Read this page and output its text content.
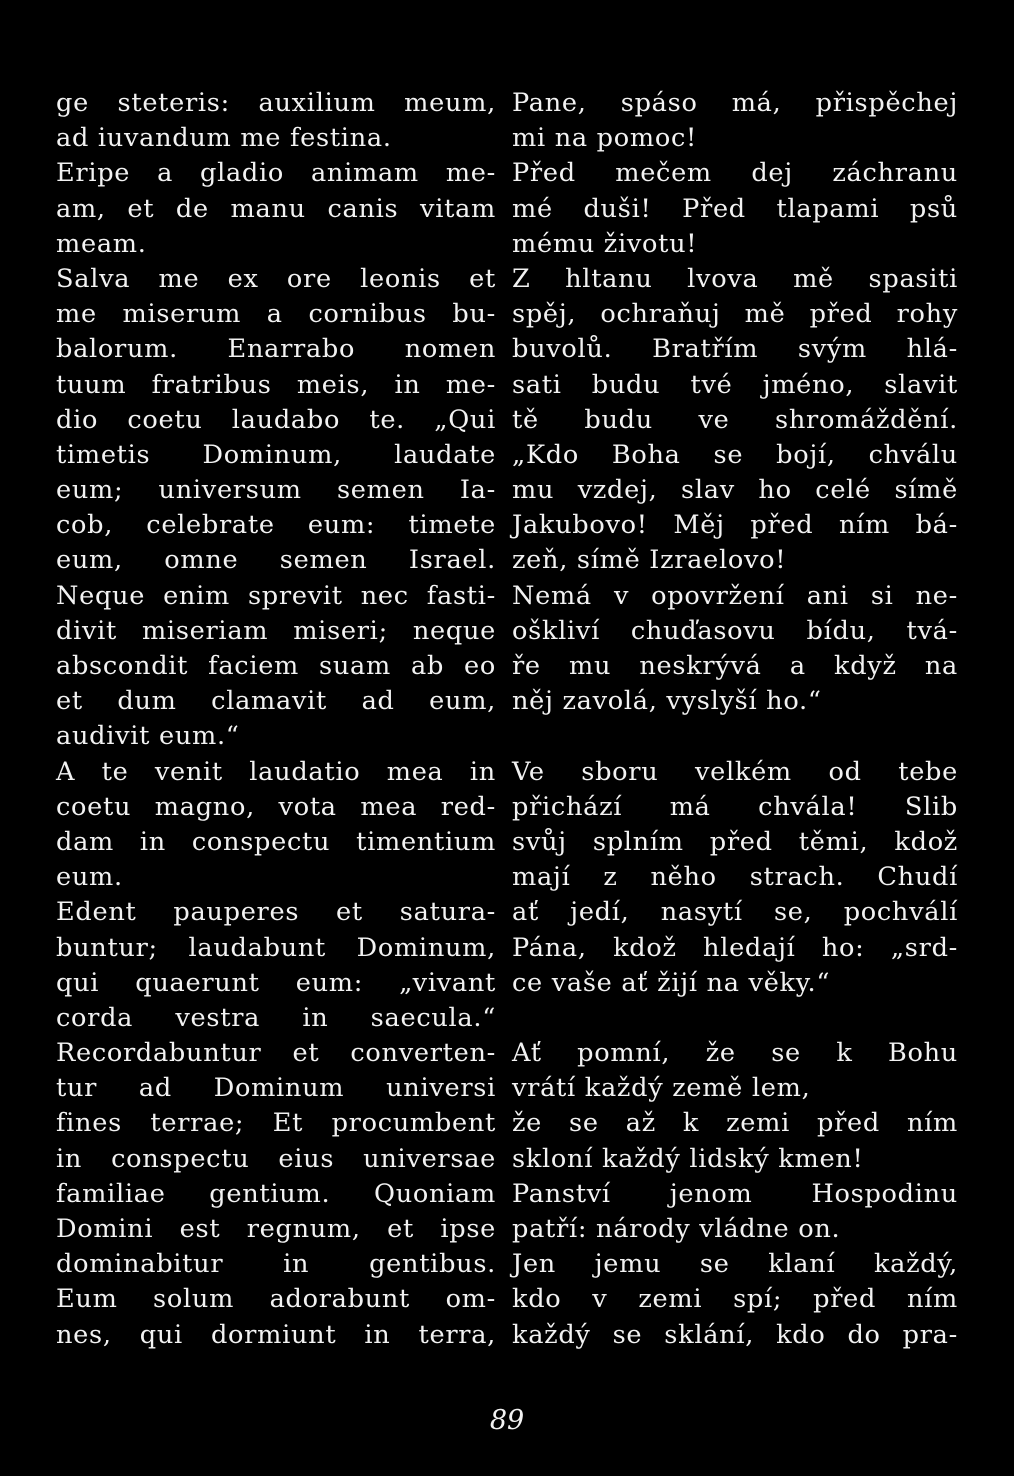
ge steteris: auxilium meum,
ad iuvandum me festina.
Eripe a gladio animam me-
am, et de manu canis vitam
meam.
Salva me ex ore leonis et
me miserum a cornibus bu-
balorum. Enarrabo nomen
tuum fratribus meis, in me-
dio coetu laudabo te. „Qui
timetis Dominum, laudate
eum; universum semen Ia-
cob, celebrate eum: timete
eum, omne semen Israel.
Neque enim sprevit nec fasti-
divit miseriam miseri; neque
abscondit faciem suam ab eo
et dum clamavit ad eum,
audivit eum.“
A te venit laudatio mea in
coetu magno, vota mea red-
dam in conspectu timentium
eum.
Edent pauperes et satura-
buntur; laudabunt Dominum,
qui quaerunt eum: „vivant
corda vestra in saecula.“
Recordabuntur et converten-
tur ad Dominum universi
fines terrae; Et procumbent
in conspectu eius universae
familiae gentium. Quoniam
Domini est regnum, et ipse
dominabitur in gentibus.
Eum solum adorabunt om-
nes, qui dormiunt in terra,
Pane, spáso má, přispěchej
mi na pomoc!
Před mečem dej záchranu
mé duši! Před tlapami psů
mému životu!
Z hltanu lvova mě spasiti
spěj, ochraňuj mě před rohy
buvolů. Bratřím svým hlá-
sati budu tvé jméno, slavit
tě budu ve shromáždění.
„Kdo Boha se bojí, chválu
mu vzdej, slav ho celé símě
Jakubovo! Měj před ním bá-
zeň, símě Izraelovo!
Nemá v opovržení ani si ne-
oškliví chuďasovu bídu, tvá-
ře mu neskrývá a když na
něj zavolá, vyslyší ho.“
Ve sboru velkém od tebe
přichází má chvála! Slib
svůj splním před těmi, kdož
mají z něho strach. Chudí
ať jedí, nasytí se, pochválí
Pána, kdož hledají ho: „srd-
ce vaše ať žijí na věky.“
Ať pomní, že se k Bohu
vrátí každý země lem,
že se až k zemi před ním
skloní každý lidský kmen!
Panství jenom Hospodinu
patří: národy vládne on.
Jen jemu se klaní každý,
kdo v zemi spí; před ním
každý se sklání, kdo do pra-
89
